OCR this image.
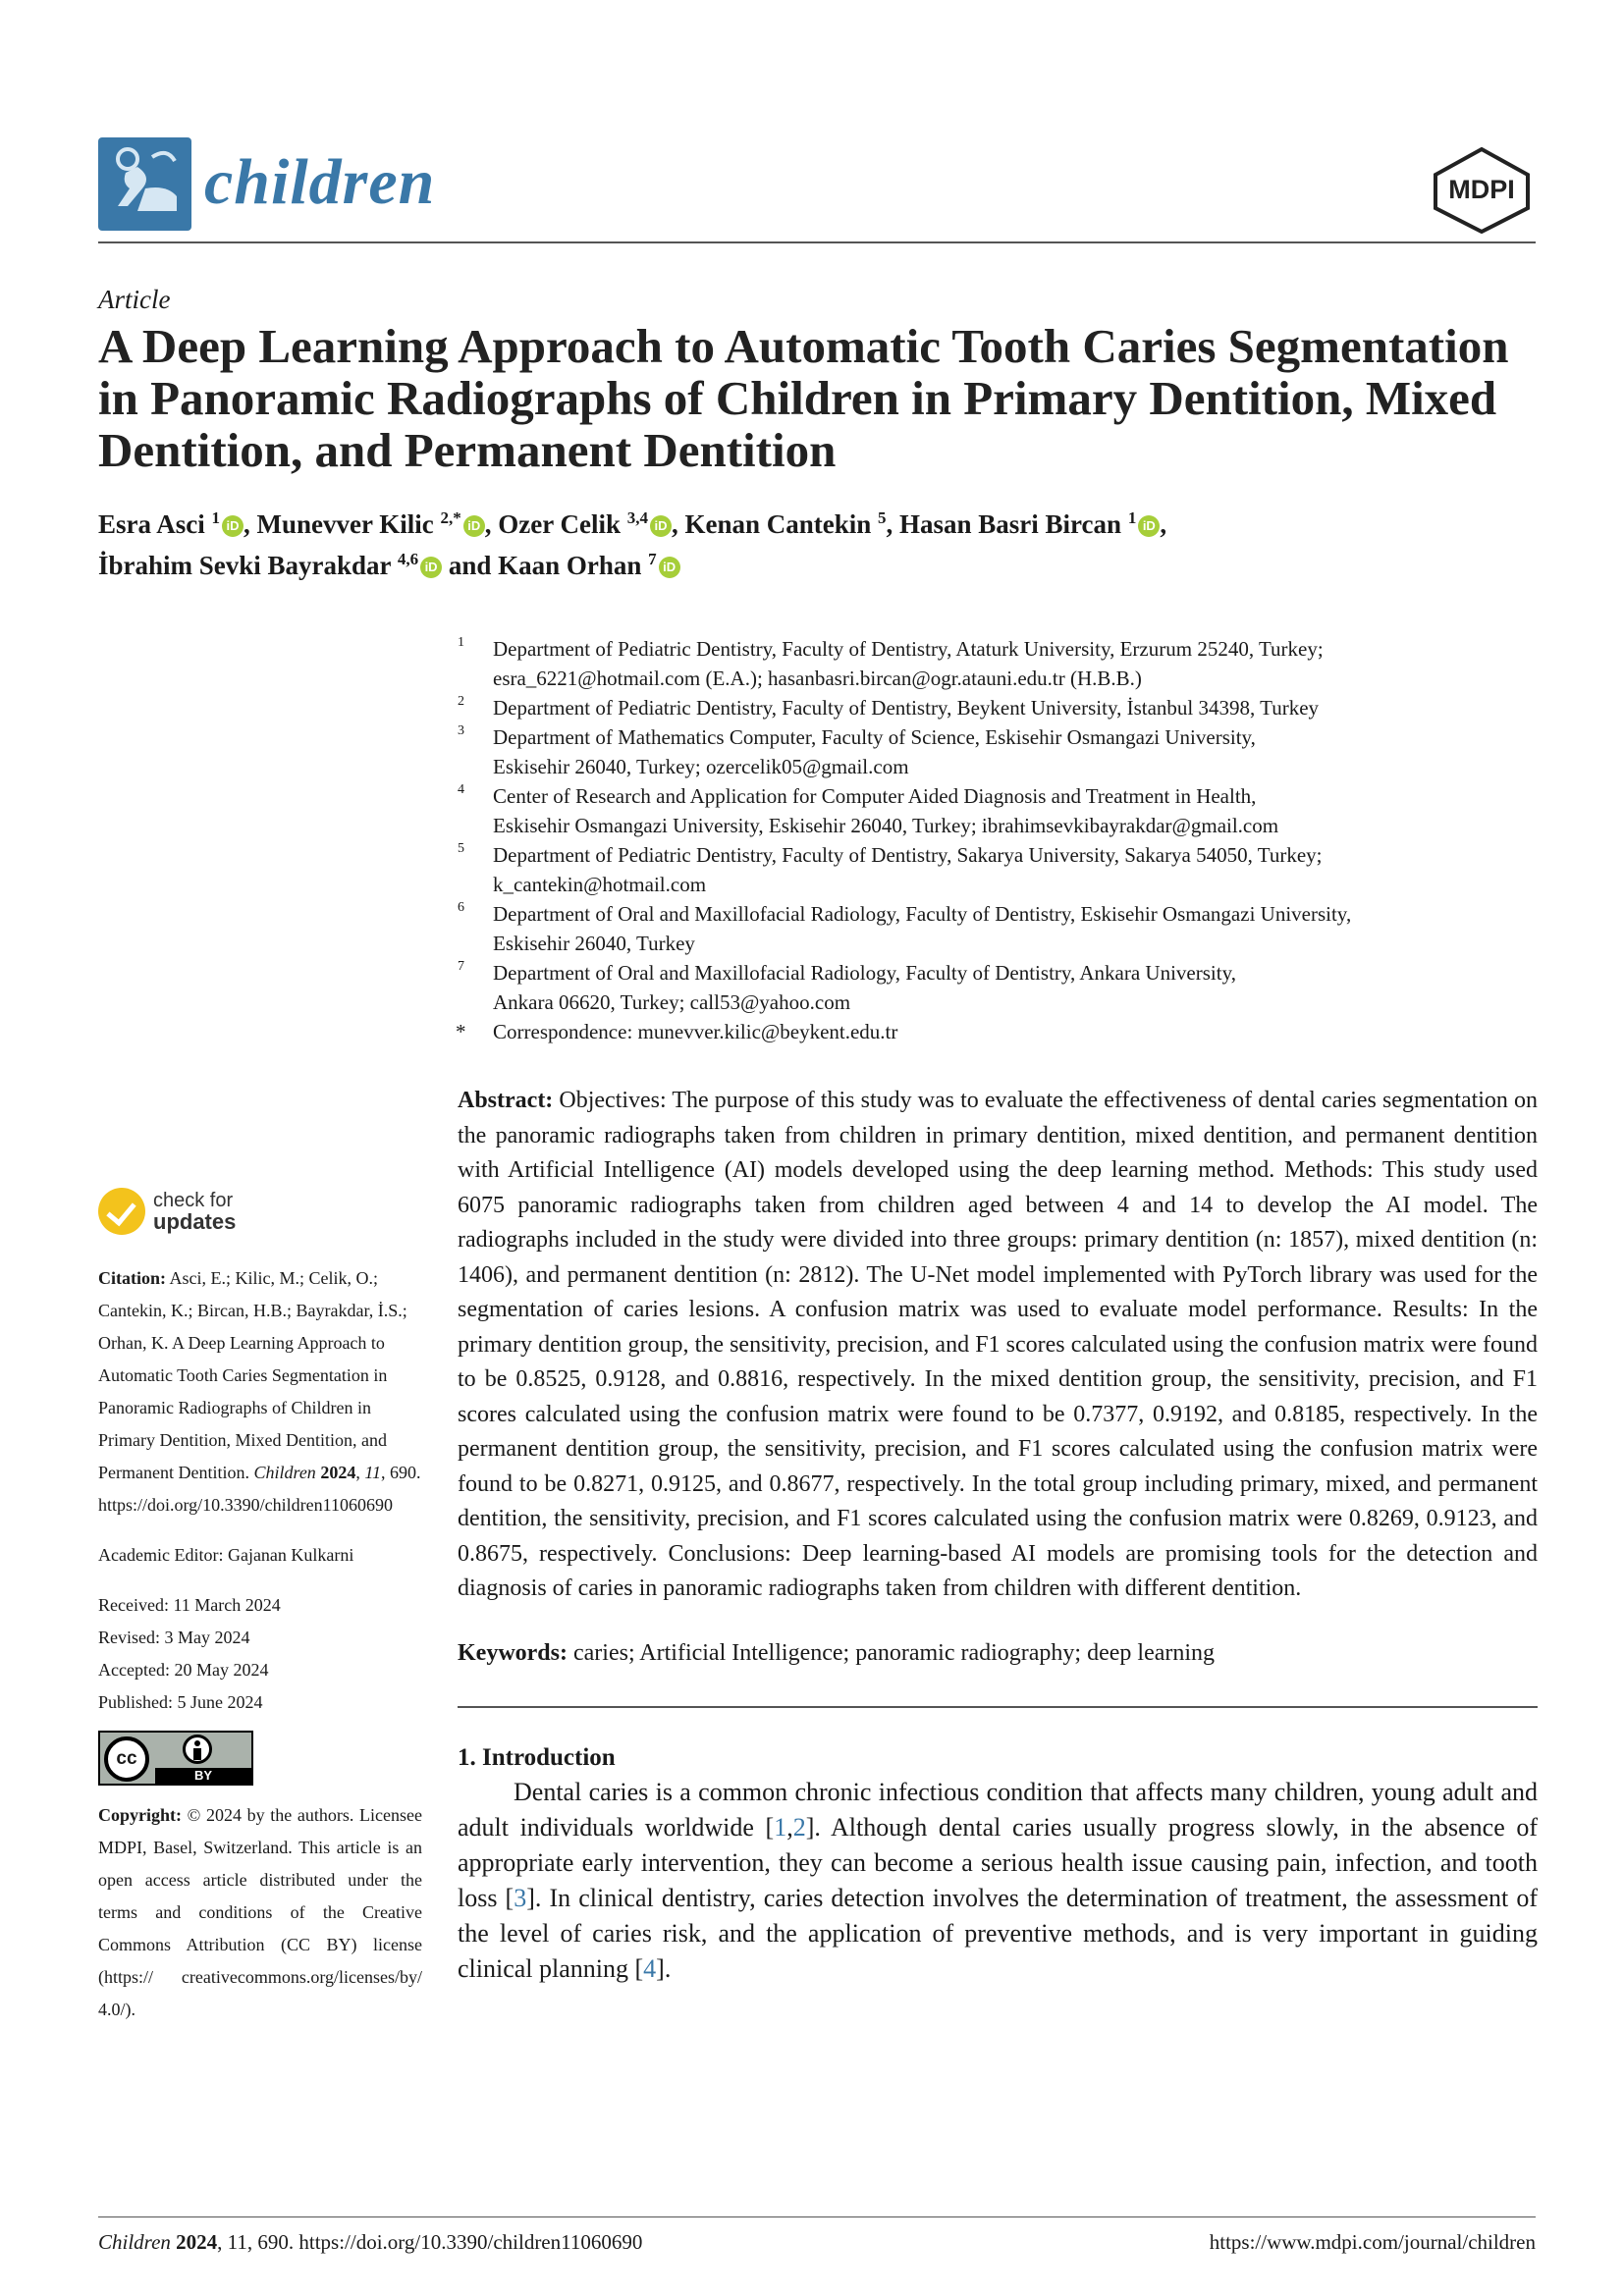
children	MDPI
Article
A Deep Learning Approach to Automatic Tooth Caries Segmentation in Panoramic Radiographs of Children in Primary Dentition, Mixed Dentition, and Permanent Dentition
Esra Asci $^1$ iD , Munevver Kilic $^{2,*}$ iD , Ozer Celik $^{3,4}$ iD , Kenan Cantekin $^5$, Hasan Basri Bircan $^1$ iD ,
İbrahim Sevki Bayrakdar $^{4,6}$ iD and Kaan Orhan $^7$ iD
1 Department of Pediatric Dentistry, Faculty of Dentistry, Ataturk University, Erzurum 25240, Turkey;
esra_6221@hotmail.com (E.A.); hasanbasri.bircan@ogr.atauni.edu.tr (H.B.B.)
2 Department of Pediatric Dentistry, Faculty of Dentistry, Beykent University, İstanbul 34398, Turkey
3 Department of Mathematics Computer, Faculty of Science, Eskisehir Osmangazi University,
Eskisehir 26040, Turkey; ozercelik05@gmail.com
4 Center of Research and Application for Computer Aided Diagnosis and Treatment in Health,
Eskisehir Osmangazi University, Eskisehir 26040, Turkey; ibrahimsevkibayrakdar@gmail.com
5 Department of Pediatric Dentistry, Faculty of Dentistry, Sakarya University, Sakarya 54050, Turkey;
k_cantekin@hotmail.com
6 Department of Oral and Maxillofacial Radiology, Faculty of Dentistry, Eskisehir Osmangazi University,
Eskisehir 26040, Turkey
7 Department of Oral and Maxillofacial Radiology, Faculty of Dentistry, Ankara University,
Ankara 06620, Turkey; call53@yahoo.com
* Correspondence: munevver.kilic@beykent.edu.tr
check for
updates
Citation: Asci, E.; Kilic, M.; Celik, O.; Cantekin, K.; Bircan, H.B.; Bayrakdar, İ.S.; Orhan, K. A Deep Learning Approach to Automatic Tooth Caries Segmentation in Panoramic Radiographs of Children in Primary Dentition, Mixed Dentition, and Permanent Dentition. Children 2024, 11, 690. https://doi.org/10.3390/children11060690
Academic Editor: Gajanan Kulkarni
Received: 11 March 2024
Revised: 3 May 2024
Accepted: 20 May 2024
Published: 5 June 2024
cc
BY
Copyright: © 2024 by the authors. Licensee MDPI, Basel, Switzerland. This article is an open access article distributed under the terms and conditions of the Creative Commons Attribution (CC BY) license (https:// creativecommons.org/licenses/by/ 4.0/).

Abstract: Objectives: The purpose of this study was to evaluate the effectiveness of dental caries segmentation on the panoramic radiographs taken from children in primary dentition, mixed dentition, and permanent dentition with Artificial Intelligence (AI) models developed using the deep learning method. Methods: This study used 6075 panoramic radiographs taken from children aged between 4 and 14 to develop the AI model. The radiographs included in the study were divided into three groups: primary dentition (n: 1857), mixed dentition (n: 1406), and permanent dentition (n: 2812). The U-Net model implemented with PyTorch library was used for the segmentation of caries lesions. A confusion matrix was used to evaluate model performance. Results: In the primary dentition group, the sensitivity, precision, and F1 scores calculated using the confusion matrix were found to be 0.8525, 0.9128, and 0.8816, respectively. In the mixed dentition group, the sensitivity, precision, and F1 scores calculated using the confusion matrix were found to be 0.7377, 0.9192, and 0.8185, respectively. In the permanent dentition group, the sensitivity, precision, and F1 scores calculated using the confusion matrix were found to be 0.8271, 0.9125, and 0.8677, respectively. In the total group including primary, mixed, and permanent dentition, the sensitivity, precision, and F1 scores calculated using the confusion matrix were 0.8269, 0.9123, and 0.8675, respectively. Conclusions: Deep learning-based AI models are promising tools for the detection and diagnosis of caries in panoramic radiographs taken from children with different dentition.

Keywords: caries; Artificial Intelligence; panoramic radiography; deep learning

1. Introduction

Dental caries is a common chronic infectious condition that affects many children, young adult and adult individuals worldwide [1,2]. Although dental caries usually progress slowly, in the absence of appropriate early intervention, they can become a serious health issue causing pain, infection, and tooth loss [3]. In clinical dentistry, caries detection involves the determination of treatment, the assessment of the level of caries risk, and the application of preventive methods, and is very important in guiding clinical planning [4].

Children 2024, 11, 690. https://doi.org/10.3390/children11060690	https://www.mdpi.com/journal/children
